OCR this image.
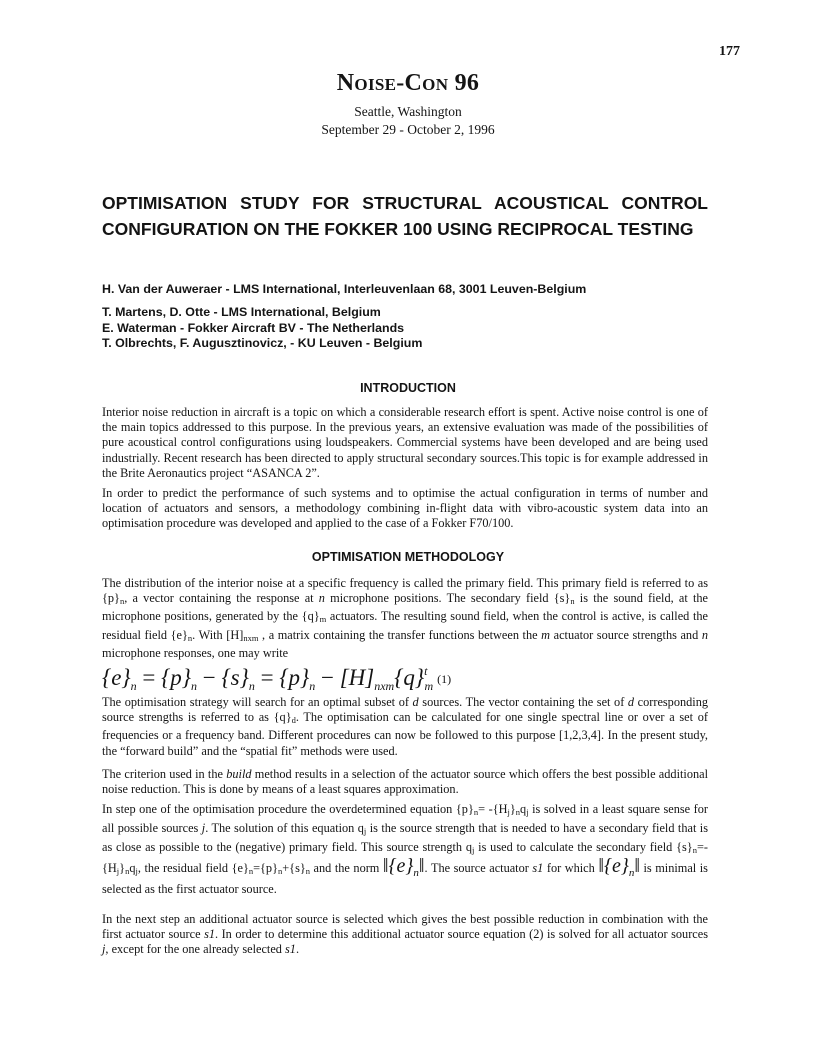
177
Noise-Con 96
Seattle, Washington
September 29 - October 2, 1996
OPTIMISATION STUDY FOR STRUCTURAL ACOUSTICAL CONTROL CONFIGURATION ON THE FOKKER 100 USING RECIPROCAL TESTING
H. Van der Auweraer - LMS International, Interleuvenlaan 68, 3001 Leuven-Belgium
T. Martens, D. Otte - LMS International, Belgium
E. Waterman - Fokker Aircraft BV - The Netherlands
T. Olbrechts, F. Augusztinovicz, - KU Leuven - Belgium
INTRODUCTION

Interior noise reduction in aircraft is a topic on which a considerable research effort is spent. Active noise control is one of the main topics addressed to this purpose. In the previous years, an extensive evaluation was made of the possibilities of pure acoustical control configurations using loudspeakers. Commercial systems have been developed and are being used industrially. Recent research has been directed to apply structural secondary sources.This topic is for example addressed in the Brite Aeronautics project “ASANCA 2”.

In order to predict the performance of such systems and to optimise the actual configuration in terms of number and location of actuators and sensors, a methodology combining in-flight data with vibro-acoustic system data into an optimisation procedure was developed and applied to the case of a Fokker F70/100.

OPTIMISATION METHODOLOGY
The distribution of the interior noise at a specific frequency is called the primary field. This primary field is referred to as $\{p\}_n$, a vector containing the response at n microphone positions. The secondary field $\{s\}_n$ is the sound field, at the microphone positions, generated by the $\{q\}_m$ actuators. The resulting sound field, when the control is active, is called the residual field $\{e\}_n$. With $[H]_{nxm}$ , a matrix containing the transfer functions between the m actuator source strengths and n microphone responses, one may write
$\{e\}_n = \{p\}_n - \{s\}_n = \{p\}_n - [H]_{nxm}\{q\}^t_m$ (1)
The optimisation strategy will search for an optimal subset of d sources. The vector containing the set of d corresponding source strengths is referred to as $\{q\}_d$. The optimisation can be calculated for one single spectral line or over a set of frequencies or a frequency band. Different procedures can now be followed to this purpose [1,2,3,4]. In the present study, the “forward build” and the “spatial fit” methods were used.
The criterion used in the build method results in a selection of the actuator source which offers the best possible additional noise reduction. This is done by means of a least squares approximation.
In step one of the optimisation procedure the overdetermined equation $\{p\}_n= -\{H_j\}_nq_j$ is solved in a least square sense for all possible sources j. The solution of this equation $q_j$ is the source strength that is needed to have a secondary field that is as close as possible to the (negative) primary field. This source strength $q_j$ is used to calculate the secondary field $\{s\}_n=-\{H_j\}_nq_j$, the residual field $\{e\}_n=\{p\}_n+\{s\}_n$ and the norm $‖\{e\}_n‖$. The source actuator s1 for which $‖\{e\}_n‖$ is minimal is selected as the first actuator source.
In the next step an additional actuator source is selected which gives the best possible reduction in combination with the first actuator source s1. In order to determine this additional actuator source equation (2) is solved for all actuator sources j, except for the one already selected s1.
